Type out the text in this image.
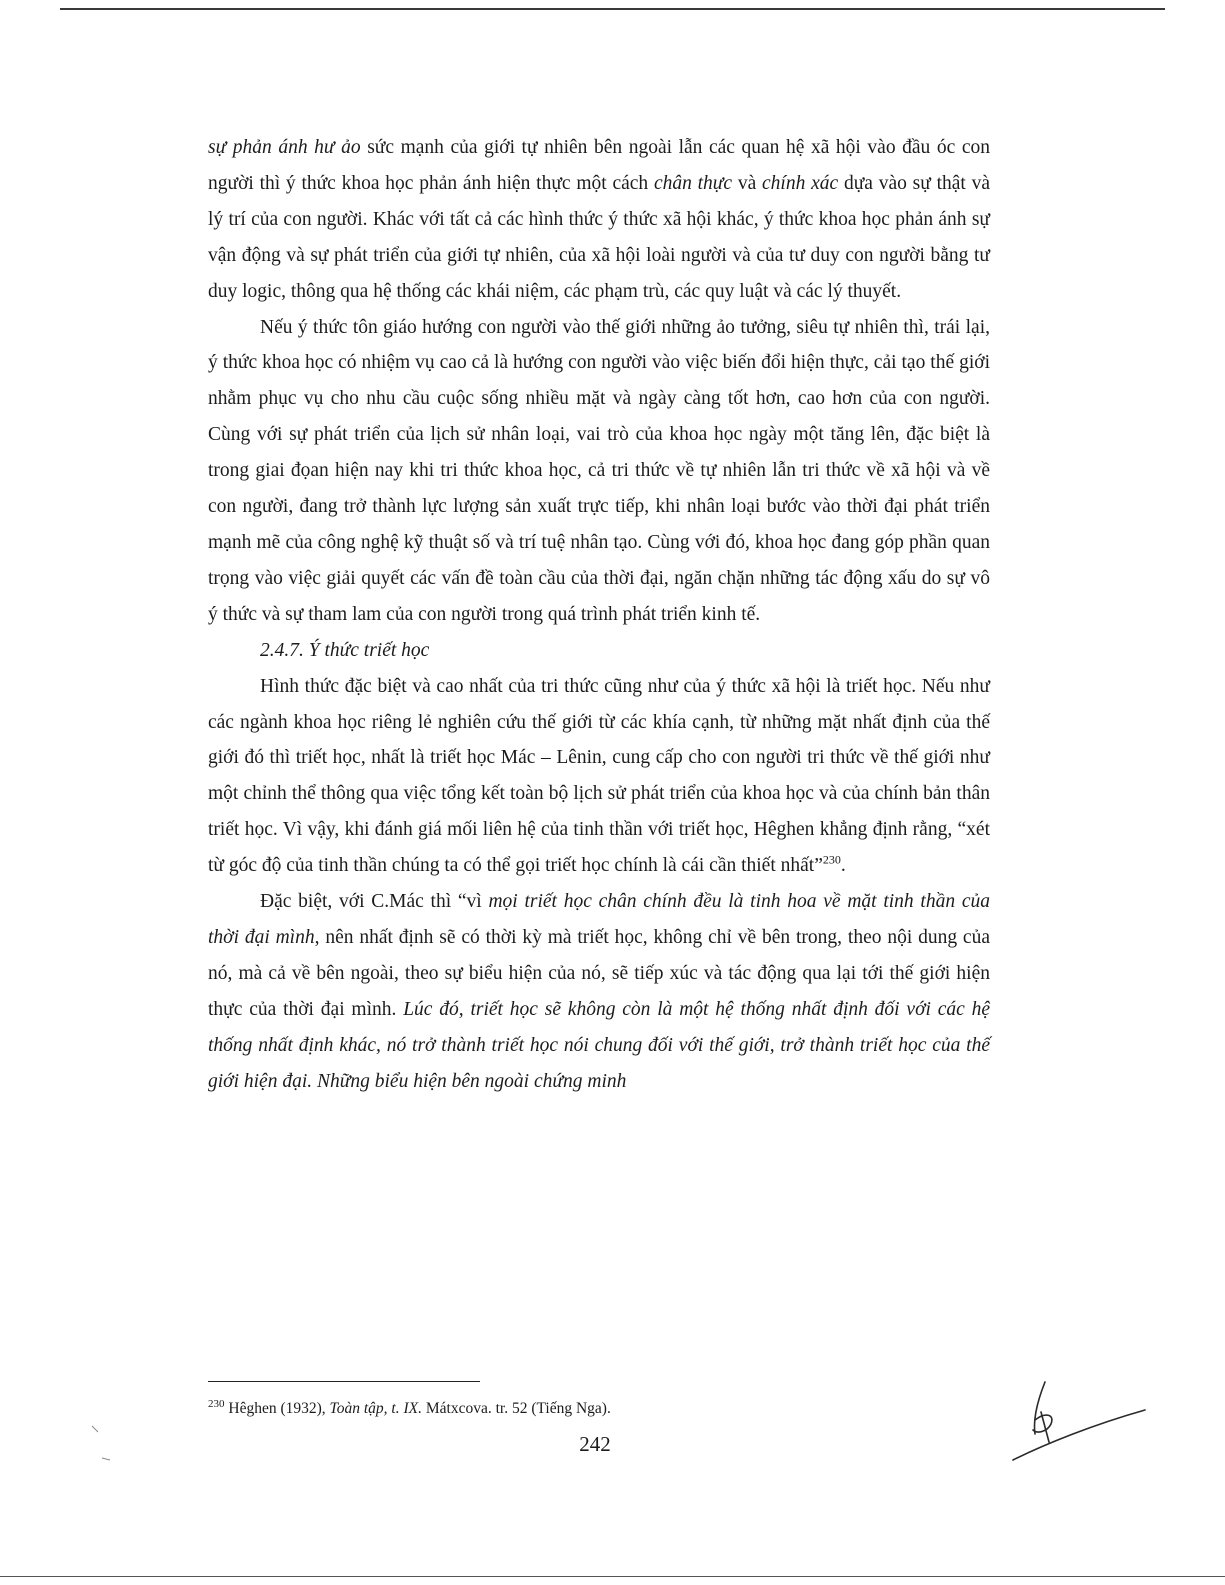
sự phản ánh hư ảo sức mạnh của giới tự nhiên bên ngoài lẫn các quan hệ xã hội vào đầu óc con người thì ý thức khoa học phản ánh hiện thực một cách chân thực và chính xác dựa vào sự thật và lý trí của con người. Khác với tất cả các hình thức ý thức xã hội khác, ý thức khoa học phản ánh sự vận động và sự phát triển của giới tự nhiên, của xã hội loài người và của tư duy con người bằng tư duy logic, thông qua hệ thống các khái niệm, các phạm trù, các quy luật và các lý thuyết.

Nếu ý thức tôn giáo hướng con người vào thế giới những ảo tưởng, siêu tự nhiên thì, trái lại, ý thức khoa học có nhiệm vụ cao cả là hướng con người vào việc biến đổi hiện thực, cải tạo thế giới nhằm phục vụ cho nhu cầu cuộc sống nhiều mặt và ngày càng tốt hơn, cao hơn của con người. Cùng với sự phát triển của lịch sử nhân loại, vai trò của khoa học ngày một tăng lên, đặc biệt là trong giai đọan hiện nay khi tri thức khoa học, cả tri thức về tự nhiên lẫn tri thức về xã hội và về con người, đang trở thành lực lượng sản xuất trực tiếp, khi nhân loại bước vào thời đại phát triển mạnh mẽ của công nghệ kỹ thuật số và trí tuệ nhân tạo. Cùng với đó, khoa học đang góp phần quan trọng vào việc giải quyết các vấn đề toàn cầu của thời đại, ngăn chặn những tác động xấu do sự vô ý thức và sự tham lam của con người trong quá trình phát triển kinh tế.

2.4.7. Ý thức triết học

Hình thức đặc biệt và cao nhất của tri thức cũng như của ý thức xã hội là triết học. Nếu như các ngành khoa học riêng lẻ nghiên cứu thế giới từ các khía cạnh, từ những mặt nhất định của thế giới đó thì triết học, nhất là triết học Mác – Lênin, cung cấp cho con người tri thức về thế giới như một chỉnh thể thông qua việc tổng kết toàn bộ lịch sử phát triển của khoa học và của chính bản thân triết học. Vì vậy, khi đánh giá mối liên hệ của tinh thần với triết học, Hêghen khẳng định rằng, “xét từ góc độ của tinh thần chúng ta có thể gọi triết học chính là cái cần thiết nhất”$^{230}$.

Đặc biệt, với C.Mác thì “vì mọi triết học chân chính đều là tinh hoa về mặt tinh thần của thời đại mình, nên nhất định sẽ có thời kỳ mà triết học, không chỉ về bên trong, theo nội dung của nó, mà cả về bên ngoài, theo sự biểu hiện của nó, sẽ tiếp xúc và tác động qua lại tới thế giới hiện thực của thời đại mình. Lúc đó, triết học sẽ không còn là một hệ thống nhất định đối với các hệ thống nhất định khác, nó trở thành triết học nói chung đối với thế giới, trở thành triết học của thế giới hiện đại. Những biểu hiện bên ngoài chứng minh

$^{230}$ Hêghen (1932), Toàn tập, t. IX. Mátxcova. tr. 52 (Tiếng Nga).
242
